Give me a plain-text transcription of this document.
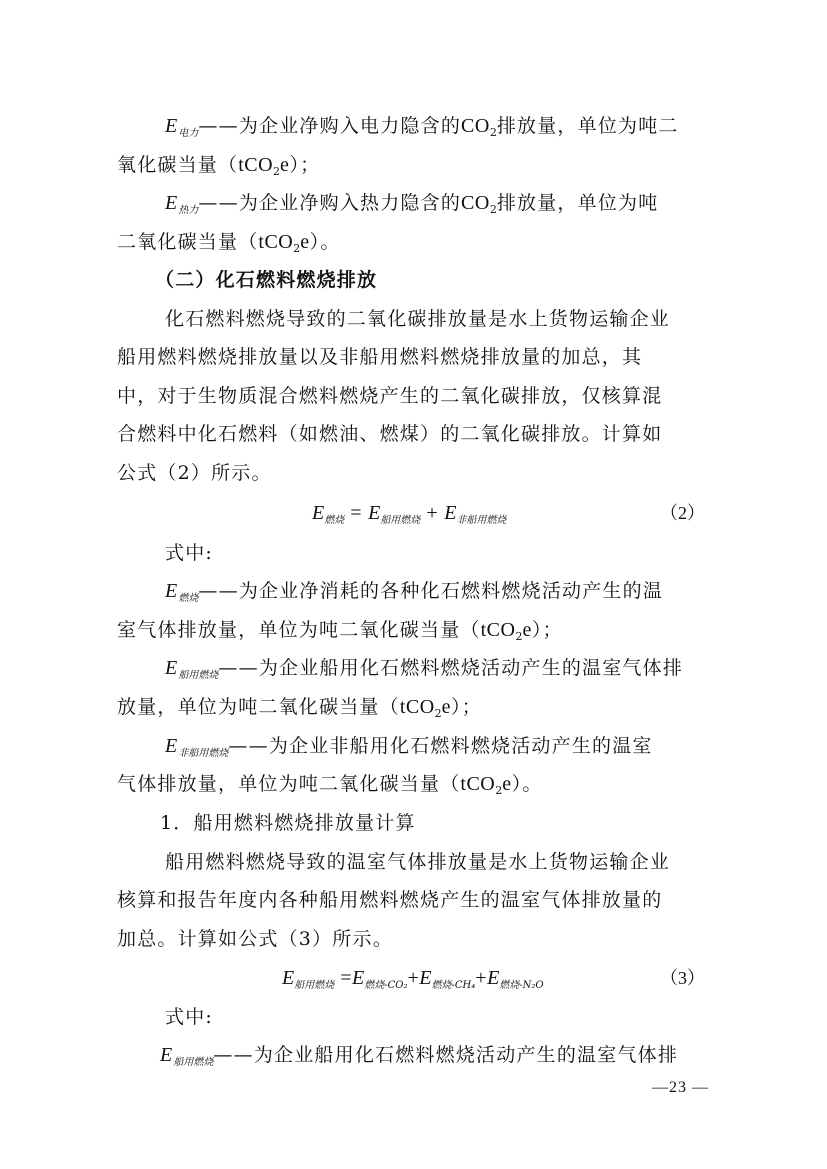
$E_{电力}——$为企业净购入电力隐含的$CO_2$排放量，单位为吨二
氧化碳当量（tCO$_2$e）；
$E_{热力}——$为企业净购入热力隐含的$CO_2$排放量，单位为吨
二氧化碳当量（tCO$_2$e）。
（二）化石燃料燃烧排放
化石燃料燃烧导致的二氧化碳排放量是水上货物运输企业
船用燃料燃烧排放量以及非船用燃料燃烧排放量的加总，其
中，对于生物质混合燃料燃烧产生的二氧化碳排放，仅核算混
合燃料中化石燃料（如燃油、燃煤）的二氧化碳排放。计算如
公式（2）所示。
$E_{燃烧} = E_{船用燃烧} + E_{非船用燃烧}$	（2）
式中:
$E_{燃烧}——$为企业净消耗的各种化石燃料燃烧活动产生的温
室气体排放量，单位为吨二氧化碳当量（tCO$_2$e）；
$E_{船用燃烧}——$为企业船用化石燃料燃烧活动产生的温室气体排
放量，单位为吨二氧化碳当量（tCO$_2$e）；
$E_{非船用燃烧}——$为企业非船用化石燃料燃烧活动产生的温室
气体排放量，单位为吨二氧化碳当量（tCO$_2$e）。
1．船用燃料燃烧排放量计算
船用燃料燃烧导致的温室气体排放量是水上货物运输企业
核算和报告年度内各种船用燃料燃烧产生的温室气体排放量的
加总。计算如公式（3）所示。
$E_{船用燃烧} =E_{燃烧-CO_2}+E_{燃烧-CH_4}+E_{燃烧-N_2O}$	（3）
式中:
$E_{船用燃烧}——$为企业船用化石燃料燃烧活动产生的温室气体排
—23 —
